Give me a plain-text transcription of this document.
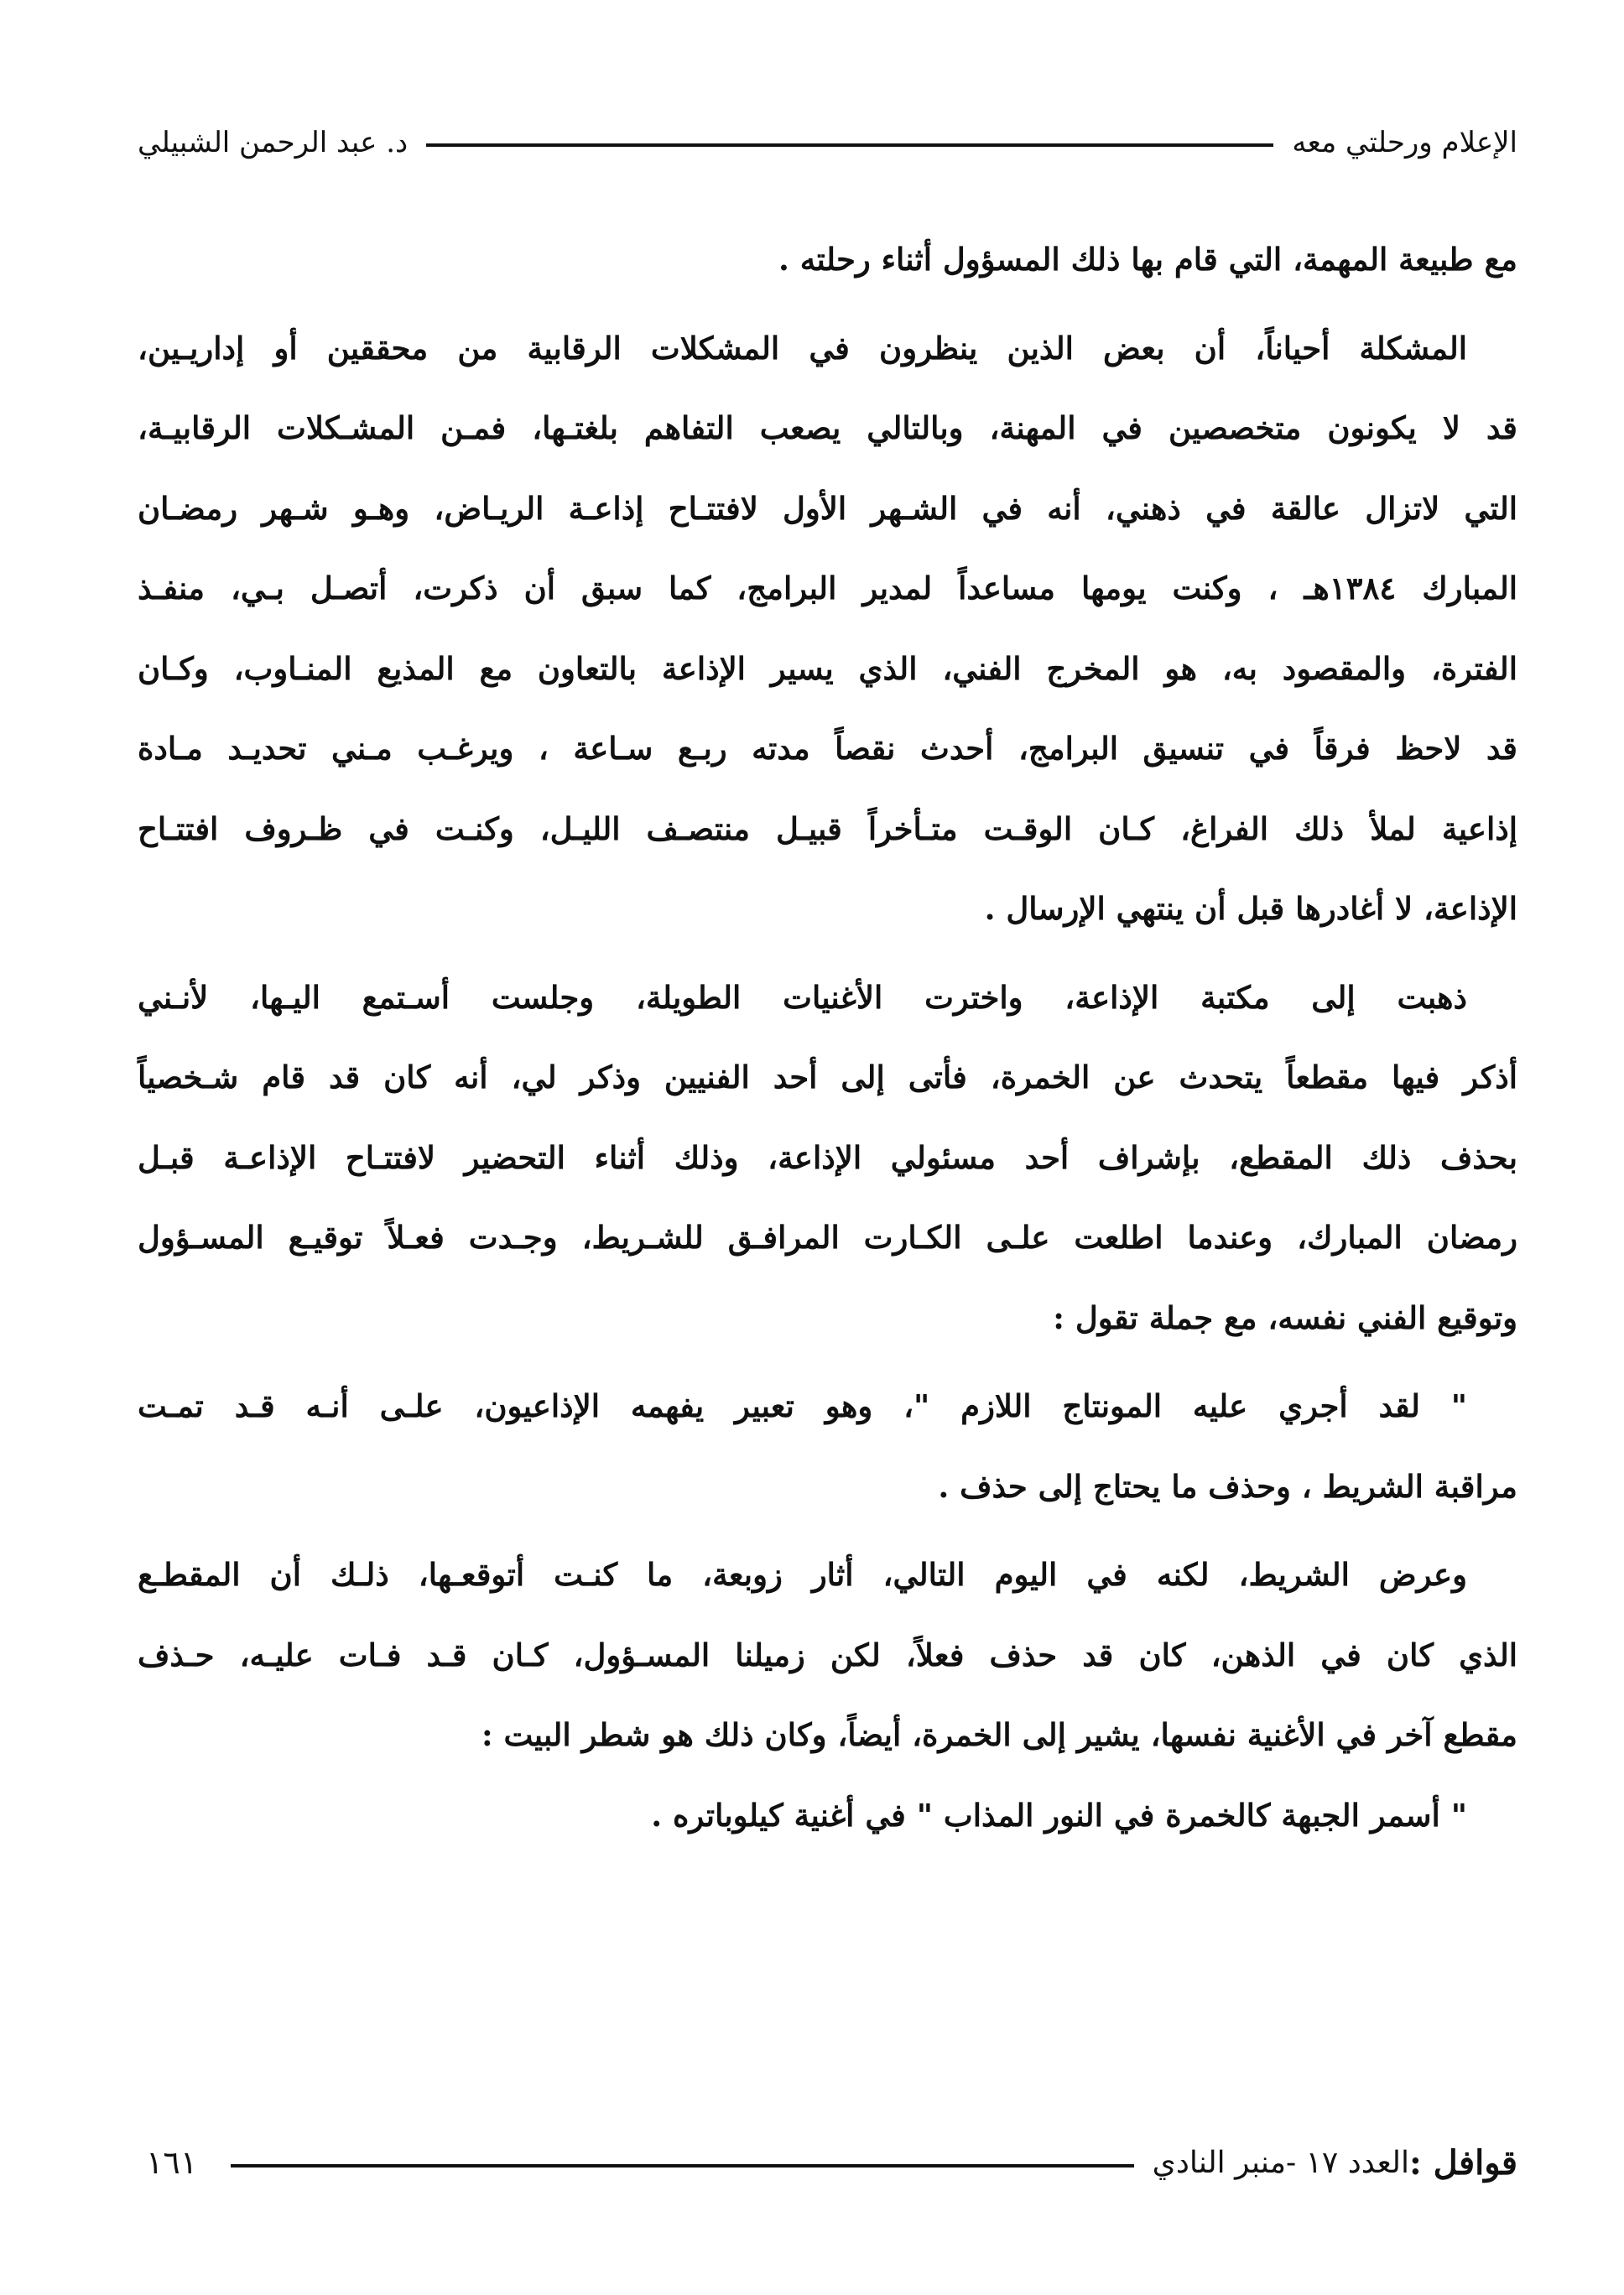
الإعلام ورحلتي معه
د. عبد الرحمن الشبيلي
مع طبيعة المهمة، التي قام بها ذلك المسؤول أثناء رحلته .
المشكلة أحياناً، أن بعض الذين ينظرون في المشكلات الرقابية من محققين أو إداريـين،
قد لا يكونون متخصصين في المهنة، وبالتالي يصعب التفاهم بلغتـها، فمـن المشـكلات الرقابيـة،
التي لاتزال عالقة في ذهني، أنه في الشـهر الأول لافتتـاح إذاعـة الريـاض، وهـو شـهر رمضـان
المبارك ١٣٨٤هـ ، وكنت يومها مساعداً لمدير البرامج، كما سبق أن ذكرت، أتصـل بـي، منفـذ
الفترة، والمقصود به، هو المخرج الفني، الذي يسير الإذاعة بالتعاون مع المذيع المنـاوب، وكـان
قد لاحظ فرقاً في تنسيق البرامج، أحدث نقصاً مدته ربـع سـاعة ، ويرغـب مـني تحديـد مـادة
إذاعية لملأ ذلك الفراغ، كـان الوقـت متـأخراً قبيـل منتصـف الليـل، وكنـت في ظـروف افتتـاح
الإذاعة، لا أغادرها قبل أن ينتهي الإرسال .
ذهبت إلى مكتبة الإذاعة، واخترت الأغنيات الطويلة، وجلست أسـتمع اليـها، لأنـني
أذكر فيها مقطعاً يتحدث عن الخمرة، فأتى إلى أحد الفنيين وذكر لي، أنه كان قد قام شـخصياً
بحذف ذلك المقطع، بإشراف أحد مسئولي الإذاعة، وذلك أثناء التحضير لافتتـاح الإذاعـة قبـل
رمضان المبارك، وعندما اطلعت علـى الكـارت المرافـق للشـريط، وجـدت فعـلاً توقيـع المسـؤول
وتوقيع الفني نفسه، مع جملة تقول :
" لقد أجري عليه المونتاج اللازم "، وهو تعبير يفهمه الإذاعيون، علـى أنـه قـد تمـت
مراقبة الشريط ، وحذف ما يحتاج إلى حذف .
وعرض الشريط، لكنه في اليوم التالي، أثار زوبعة، ما كنـت أتوقعـها، ذلـك أن المقطـع
الذي كان في الذهن، كان قد حذف فعلاً، لكن زميلنا المسـؤول، كـان قـد فـات عليـه، حـذف
مقطع آخر في الأغنية نفسها، يشير إلى الخمرة، أيضاً، وكان ذلك هو شطر البيت :
" أسمر الجبهة كالخمرة في النور المذاب " في أغنية كيلوباتره .
قوافل :
العدد ١٧ -منبر النادي
١٦١
